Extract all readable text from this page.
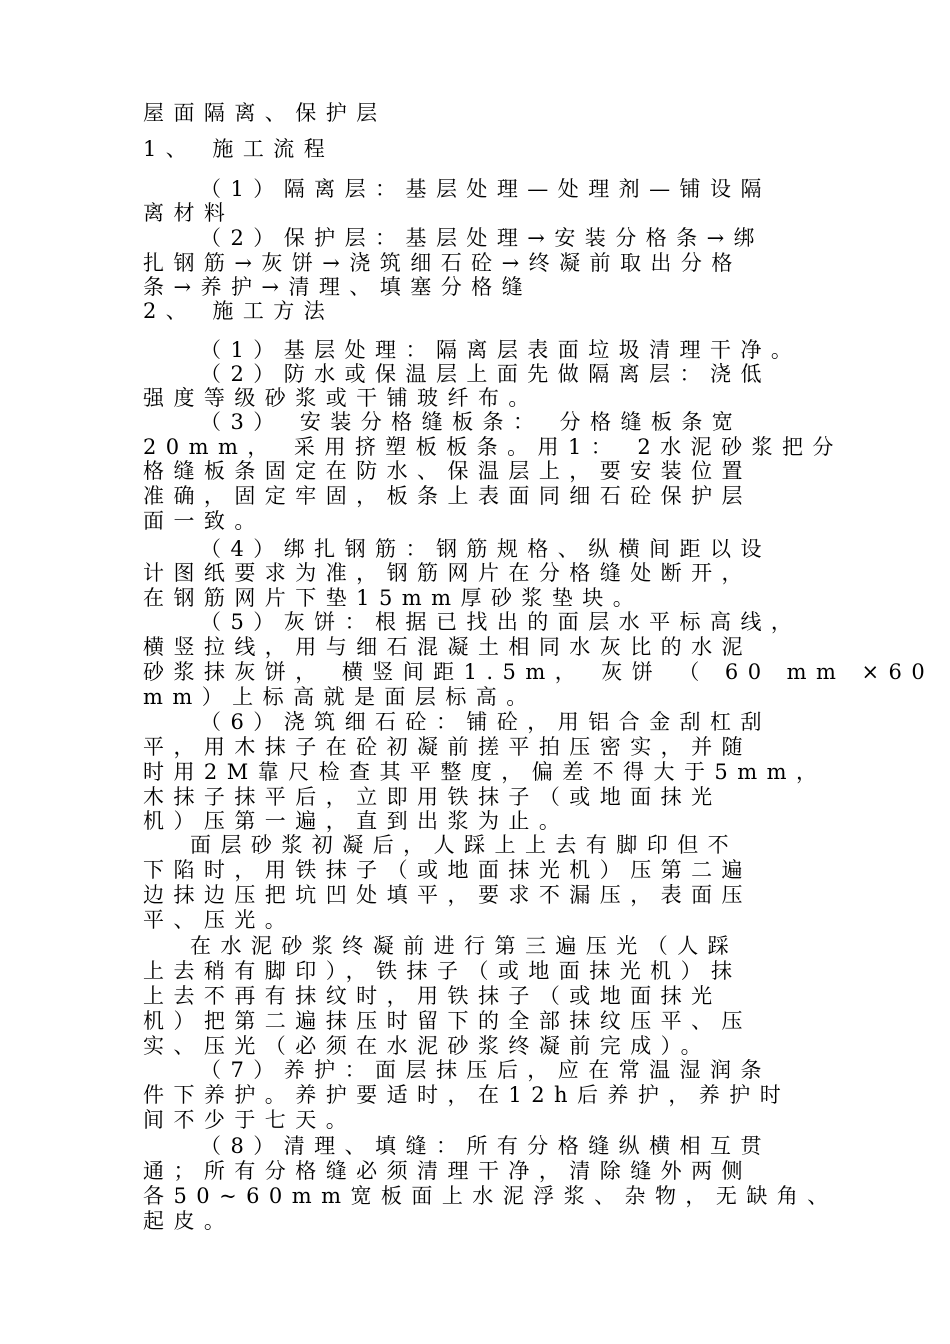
屋面隔离、保护层
1、 施工流程
（1）隔离层：基层处理—处理剂—铺设隔
离材料
（2）保护层：基层处理→安装分格条→绑
扎钢筋→灰饼→浇筑细石砼→终凝前取出分格
条→养护→清理、填塞分格缝
2、 施工方法
（1）基层处理：隔离层表面垃圾清理干净。
（2）防水或保温层上面先做隔离层：浇低
强度等级砂浆或干铺玻纤布。
（3） 安装分格缝板条： 分格缝板条宽
20mm， 采用挤塑板板条。用1： 2水泥砂浆把分
格缝板条固定在防水、保温层上，要安装位置
准确，固定牢固，板条上表面同细石砼保护层
面一致。
（4）绑扎钢筋：钢筋规格、纵横间距以设
计图纸要求为准，钢筋网片在分格缝处断开，
在钢筋网片下垫15mm厚砂浆垫块。
（5）灰饼：根据已找出的面层水平标高线，
横竖拉线，用与细石混凝土相同水灰比的水泥
砂浆抹灰饼， 横竖间距1.5m， 灰饼 （ 60 mm ×60
mm）上标高就是面层标高。
（6）浇筑细石砼：铺砼，用铝合金刮杠刮
平，用木抹子在砼初凝前搓平拍压密实，并随
时用2M靠尺检查其平整度，偏差不得大于5mm，
木抹子抹平后，立即用铁抹子（或地面抹光
机）压第一遍，直到出浆为止。
面层砂浆初凝后，人踩上上去有脚印但不
下陷时，用铁抹子（或地面抹光机）压第二遍
边抹边压把坑凹处填平，要求不漏压，表面压
平、压光。
在水泥砂浆终凝前进行第三遍压光（人踩
上去稍有脚印），铁抹子（或地面抹光机）抹
上去不再有抹纹时，用铁抹子（或地面抹光
机）把第二遍抹压时留下的全部抹纹压平、压
实、压光（必须在水泥砂浆终凝前完成）。
（7）养护：面层抹压后，应在常温湿润条
件下养护。养护要适时，在12h后养护，养护时
间不少于七天。
（8）清理、填缝：所有分格缝纵横相互贯
通；所有分格缝必须清理干净，清除缝外两侧
各50~60mm宽板面上水泥浮浆、杂物，无缺角、
起皮。
